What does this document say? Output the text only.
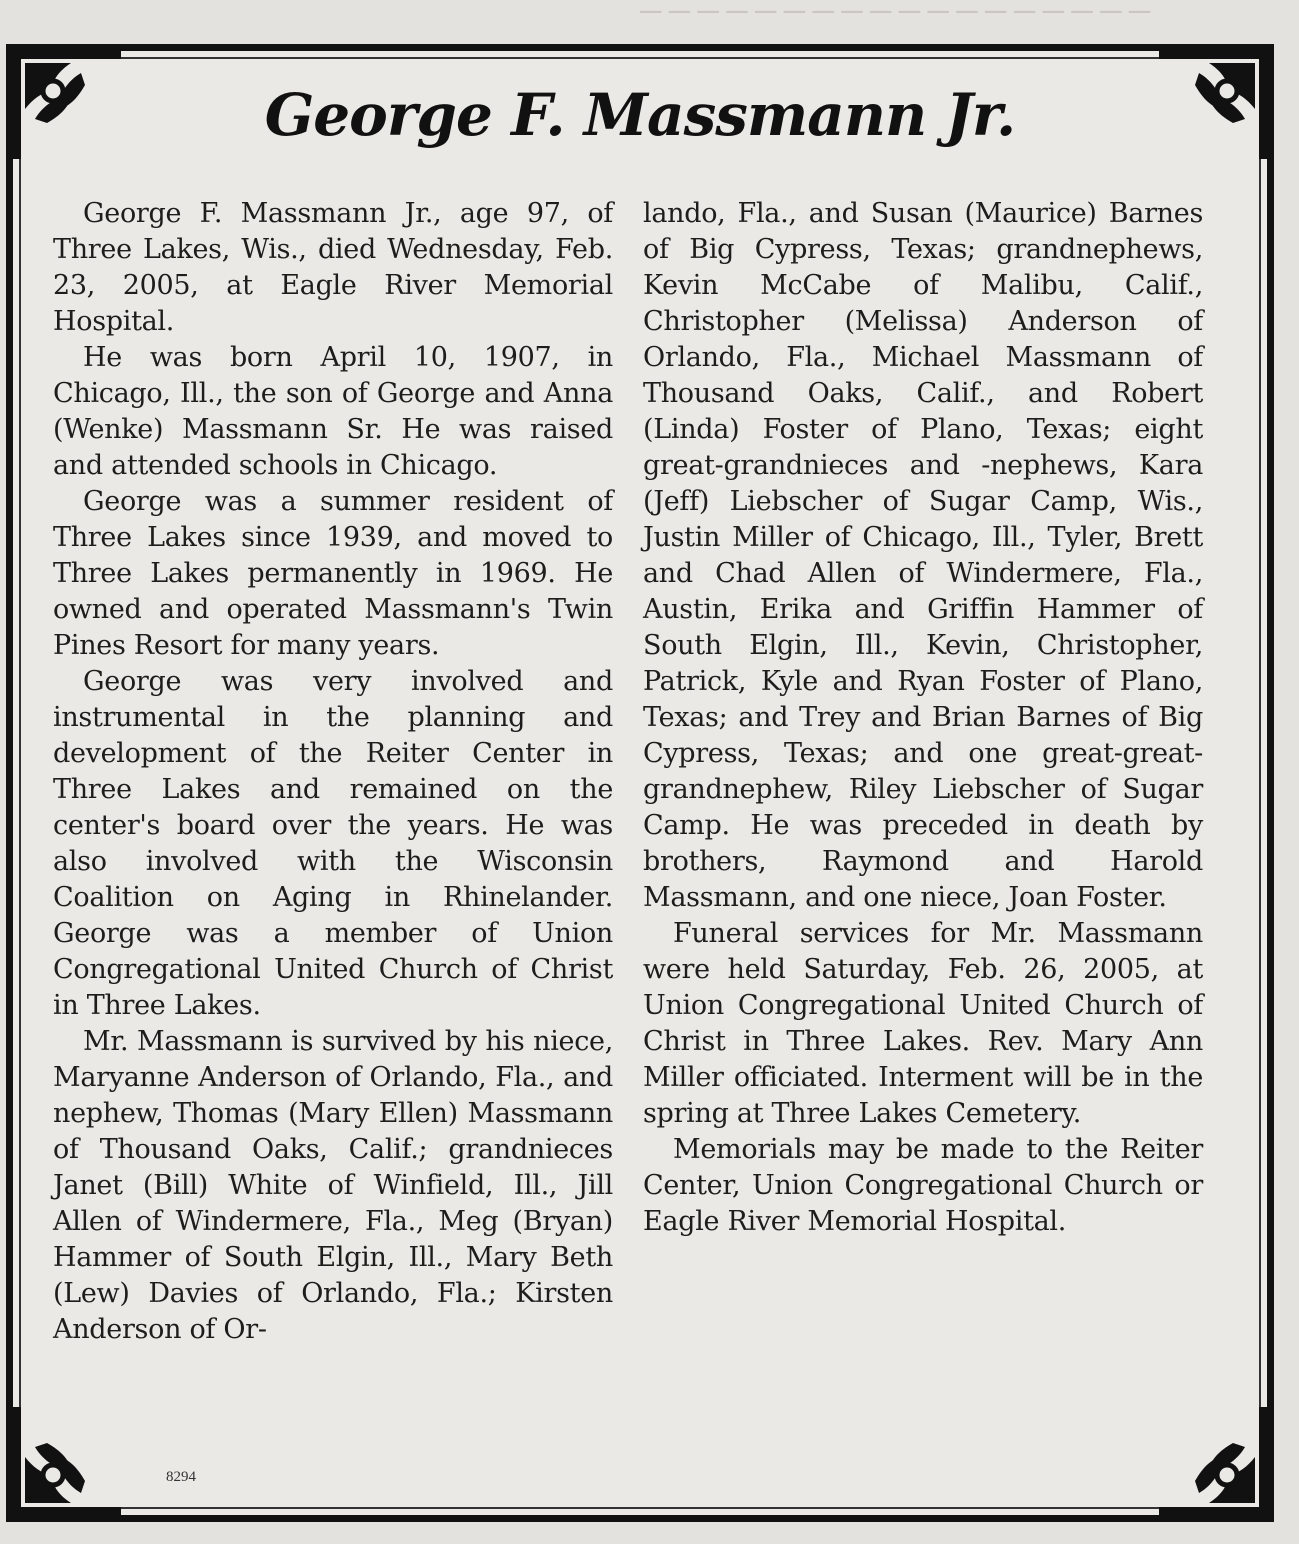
─ ─ ─ ─ ─ ─ ─ ─ ─ ─ ─ ─ ─ ─ ─ ─ ─ ─
George F. Massmann Jr.

George F. Massmann Jr., age 97, of Three Lakes, Wis., died Wednesday, Feb. 23, 2005, at Eagle River Memorial Hospital.

He was born April 10, 1907, in Chicago, Ill., the son of George and Anna (Wenke) Massmann Sr. He was raised and attended schools in Chicago.

George was a summer resident of Three Lakes since 1939, and moved to Three Lakes permanently in 1969. He owned and operated Massmann's Twin Pines Resort for many years.

George was very involved and instrumental in the planning and development of the Reiter Center in Three Lakes and remained on the center's board over the years. He was also involved with the Wisconsin Coalition on Aging in Rhinelander. George was a member of Union Congregational United Church of Christ in Three Lakes.

Mr. Massmann is survived by his niece, Maryanne Anderson of Orlando, Fla., and nephew, Thomas (Mary Ellen) Massmann of Thousand Oaks, Calif.; grandnieces Janet (Bill) White of Winfield, Ill., Jill Allen of Windermere, Fla., Meg (Bryan) Hammer of South Elgin, Ill., Mary Beth (Lew) Davies of Orlando, Fla.; Kirsten Anderson of Or-

lando, Fla., and Susan (Maurice) Barnes of Big Cypress, Texas; grandnephews, Kevin McCabe of Malibu, Calif., Christopher (Melissa) Anderson of Orlando, Fla., Michael Massmann of Thousand Oaks, Calif., and Robert (Linda) Foster of Plano, Texas; eight great-grandnieces and -nephews, Kara (Jeff) Liebscher of Sugar Camp, Wis., Justin Miller of Chicago, Ill., Tyler, Brett and Chad Allen of Windermere, Fla., Austin, Erika and Griffin Hammer of South Elgin, Ill., Kevin, Christopher, Patrick, Kyle and Ryan Foster of Plano, Texas; and Trey and Brian Barnes of Big Cypress, Texas; and one great-great-grandnephew, Riley Liebscher of Sugar Camp. He was preceded in death by brothers, Raymond and Harold Massmann, and one niece, Joan Foster.

Funeral services for Mr. Massmann were held Saturday, Feb. 26, 2005, at Union Congregational United Church of Christ in Three Lakes. Rev. Mary Ann Miller officiated. Interment will be in the spring at Three Lakes Cemetery.

Memorials may be made to the Reiter Center, Union Congregational Church or Eagle River Memorial Hospital.

8294
